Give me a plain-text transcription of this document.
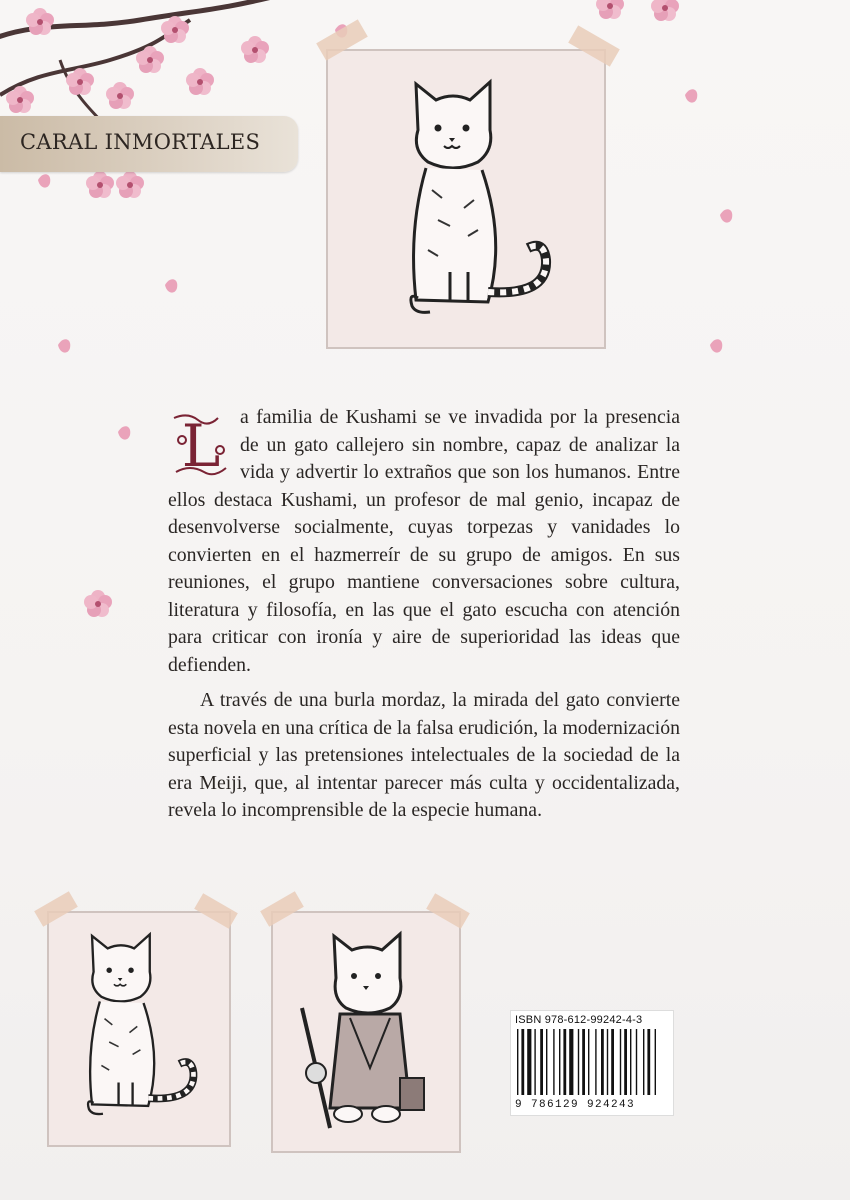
CARAL INMORTALES

L a familia de Kushami se ve invadida por la presencia de un gato callejero sin nombre, capaz de analizar la vida y advertir lo extraños que son los humanos. Entre ellos destaca Kushami, un profesor de mal genio, incapaz de desenvolverse socialmente, cuyas torpezas y vanidades lo convierten en el hazmerreír de su grupo de amigos. En sus reuniones, el grupo mantiene conversaciones sobre cultura, literatura y filosofía, en las que el gato escucha con atención para criticar con ironía y aire de superioridad las ideas que defienden.

A través de una burla mordaz, la mirada del gato convierte esta novela en una crítica de la falsa erudición, la modernización superficial y las pretensiones intelectuales de la sociedad de la era Meiji, que, al intentar parecer más culta y occidentalizada, revela lo incomprensible de la especie humana.

ISBN 978-612-99242-4-3
9 786129 924243
